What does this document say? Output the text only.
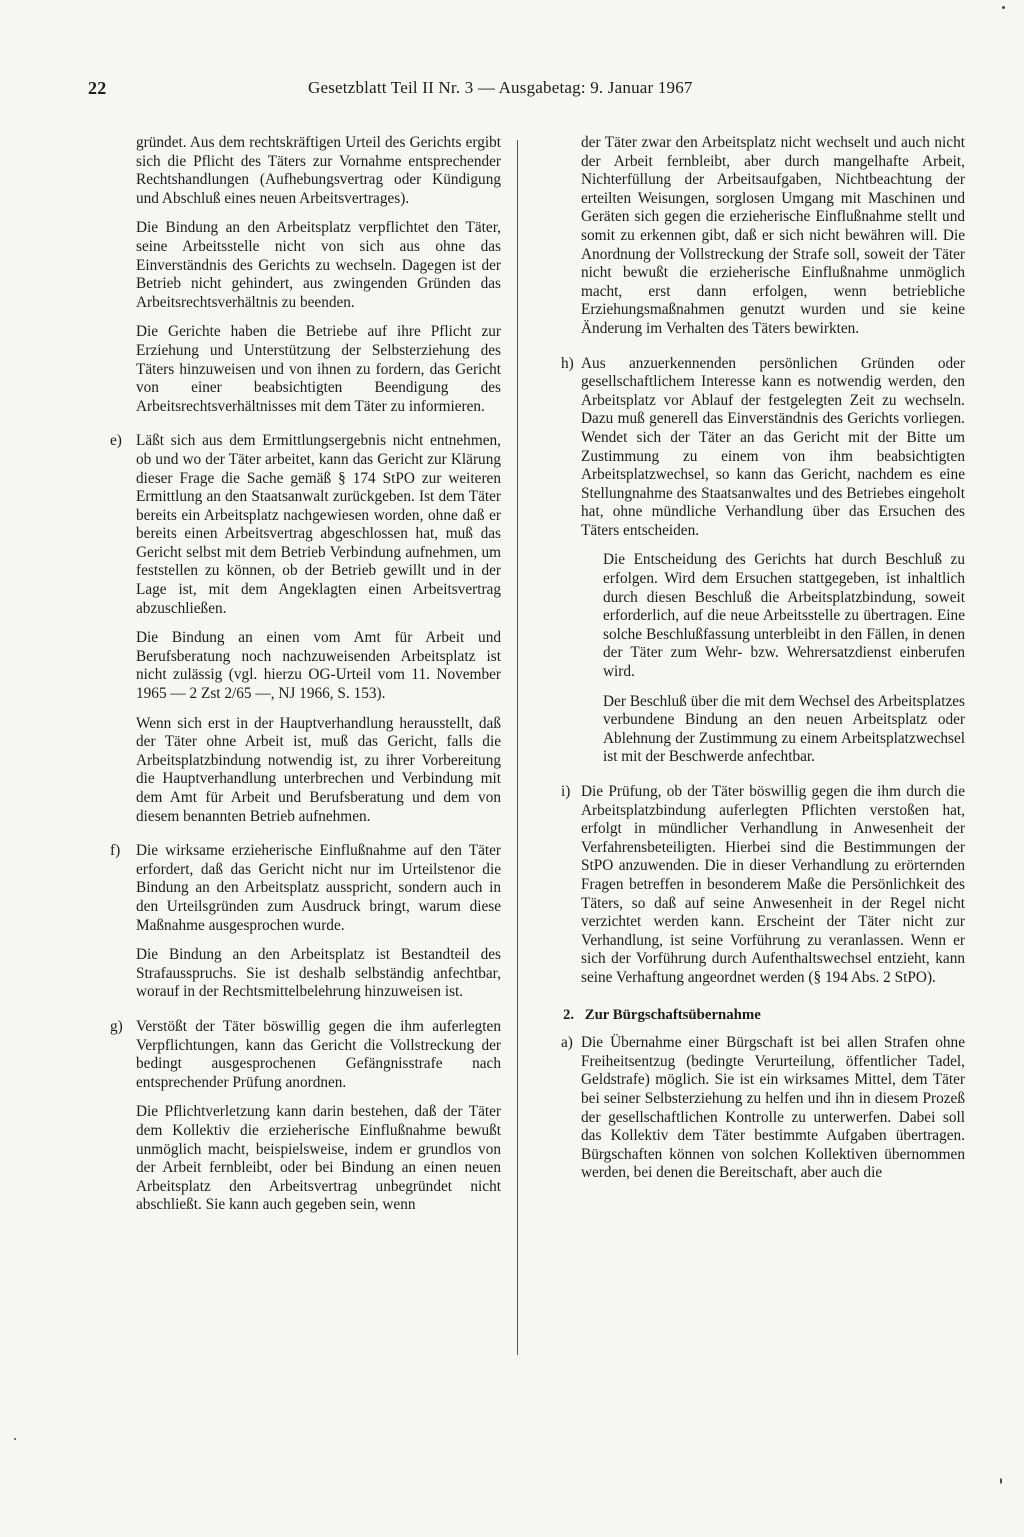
22	Gesetzblatt Teil II Nr. 3 — Ausgabetag: 9. Januar 1967

gründet. Aus dem rechtskräftigen Urteil des Gerichts ergibt sich die Pflicht des Täters zur Vornahme entsprechender Rechtshandlungen (Aufhebungsvertrag oder Kündigung und Abschluß eines neuen Arbeitsvertrages).

Die Bindung an den Arbeitsplatz verpflichtet den Täter, seine Arbeitsstelle nicht von sich aus ohne das Einverständnis des Gerichts zu wechseln. Dagegen ist der Betrieb nicht gehindert, aus zwingenden Gründen das Arbeitsrechtsverhältnis zu beenden.

Die Gerichte haben die Betriebe auf ihre Pflicht zur Erziehung und Unterstützung der Selbsterziehung des Täters hinzuweisen und von ihnen zu fordern, das Gericht von einer beabsichtigten Beendigung des Arbeitsrechtsverhältnisses mit dem Täter zu informieren.

e) Läßt sich aus dem Ermittlungsergebnis nicht entnehmen, ob und wo der Täter arbeitet, kann das Gericht zur Klärung dieser Frage die Sache gemäß § 174 StPO zur weiteren Ermittlung an den Staatsanwalt zurückgeben. Ist dem Täter bereits ein Arbeitsplatz nachgewiesen worden, ohne daß er bereits einen Arbeitsvertrag abgeschlossen hat, muß das Gericht selbst mit dem Betrieb Verbindung aufnehmen, um feststellen zu können, ob der Betrieb gewillt und in der Lage ist, mit dem Angeklagten einen Arbeitsvertrag abzuschließen.

Die Bindung an einen vom Amt für Arbeit und Berufsberatung noch nachzuweisenden Arbeitsplatz ist nicht zulässig (vgl. hierzu OG-Urteil vom 11. November 1965 — 2 Zst 2/65 —, NJ 1966, S. 153).

Wenn sich erst in der Hauptverhandlung herausstellt, daß der Täter ohne Arbeit ist, muß das Gericht, falls die Arbeitsplatzbindung notwendig ist, zu ihrer Vorbereitung die Hauptverhandlung unterbrechen und Verbindung mit dem Amt für Arbeit und Berufsberatung und dem von diesem benannten Betrieb aufnehmen.

f) Die wirksame erzieherische Einflußnahme auf den Täter erfordert, daß das Gericht nicht nur im Urteilstenor die Bindung an den Arbeitsplatz ausspricht, sondern auch in den Urteilsgründen zum Ausdruck bringt, warum diese Maßnahme ausgesprochen wurde.

Die Bindung an den Arbeitsplatz ist Bestandteil des Strafausspruchs. Sie ist deshalb selbständig anfechtbar, worauf in der Rechtsmittelbelehrung hinzuweisen ist.

g) Verstößt der Täter böswillig gegen die ihm auferlegten Verpflichtungen, kann das Gericht die Vollstreckung der bedingt ausgesprochenen Gefängnisstrafe nach entsprechender Prüfung anordnen.

Die Pflichtverletzung kann darin bestehen, daß der Täter dem Kollektiv die erzieherische Einflußnahme bewußt unmöglich macht, beispielsweise, indem er grundlos von der Arbeit fernbleibt, oder bei Bindung an einen neuen Arbeitsplatz den Arbeitsvertrag unbegründet nicht abschließt. Sie kann auch gegeben sein, wenn

der Täter zwar den Arbeitsplatz nicht wechselt und auch nicht der Arbeit fernbleibt, aber durch mangelhafte Arbeit, Nichterfüllung der Arbeitsaufgaben, Nichtbeachtung der erteilten Weisungen, sorglosen Umgang mit Maschinen und Geräten sich gegen die erzieherische Einflußnahme stellt und somit zu erkennen gibt, daß er sich nicht bewähren will. Die Anordnung der Vollstreckung der Strafe soll, soweit der Täter nicht bewußt die erzieherische Einflußnahme unmöglich macht, erst dann erfolgen, wenn betriebliche Erziehungsmaßnahmen genutzt wurden und sie keine Änderung im Verhalten des Täters bewirkten.

h) Aus anzuerkennenden persönlichen Gründen oder gesellschaftlichem Interesse kann es notwendig werden, den Arbeitsplatz vor Ablauf der festgelegten Zeit zu wechseln. Dazu muß generell das Einverständnis des Gerichts vorliegen. Wendet sich der Täter an das Gericht mit der Bitte um Zustimmung zu einem von ihm beabsichtigten Arbeitsplatzwechsel, so kann das Gericht, nachdem es eine Stellungnahme des Staatsanwaltes und des Betriebes eingeholt hat, ohne mündliche Verhandlung über das Ersuchen des Täters entscheiden.

Die Entscheidung des Gerichts hat durch Beschluß zu erfolgen. Wird dem Ersuchen stattgegeben, ist inhaltlich durch diesen Beschluß die Arbeitsplatzbindung, soweit erforderlich, auf die neue Arbeitsstelle zu übertragen. Eine solche Beschlußfassung unterbleibt in den Fällen, in denen der Täter zum Wehr- bzw. Wehrersatzdienst einberufen wird.

Der Beschluß über die mit dem Wechsel des Arbeitsplatzes verbundene Bindung an den neuen Arbeitsplatz oder Ablehnung der Zustimmung zu einem Arbeitsplatzwechsel ist mit der Beschwerde anfechtbar.

i) Die Prüfung, ob der Täter böswillig gegen die ihm durch die Arbeitsplatzbindung auferlegten Pflichten verstoßen hat, erfolgt in mündlicher Verhandlung in Anwesenheit der Verfahrensbeteiligten. Hierbei sind die Bestimmungen der StPO anzuwenden. Die in dieser Verhandlung zu erörternden Fragen betreffen in besonderem Maße die Persönlichkeit des Täters, so daß auf seine Anwesenheit in der Regel nicht verzichtet werden kann. Erscheint der Täter nicht zur Verhandlung, ist seine Vorführung zu veranlassen. Wenn er sich der Vorführung durch Aufenthaltswechsel entzieht, kann seine Verhaftung angeordnet werden (§ 194 Abs. 2 StPO).

2. Zur Bürgschaftsübernahme
a) Die Übernahme einer Bürgschaft ist bei allen Strafen ohne Freiheitsentzug (bedingte Verurteilung, öffentlicher Tadel, Geldstrafe) möglich. Sie ist ein wirksames Mittel, dem Täter bei seiner Selbsterziehung zu helfen und ihn in diesem Prozeß der gesellschaftlichen Kontrolle zu unterwerfen. Dabei soll das Kollektiv dem Täter bestimmte Aufgaben übertragen. Bürgschaften können von solchen Kollektiven übernommen werden, bei denen die Bereitschaft, aber auch die
